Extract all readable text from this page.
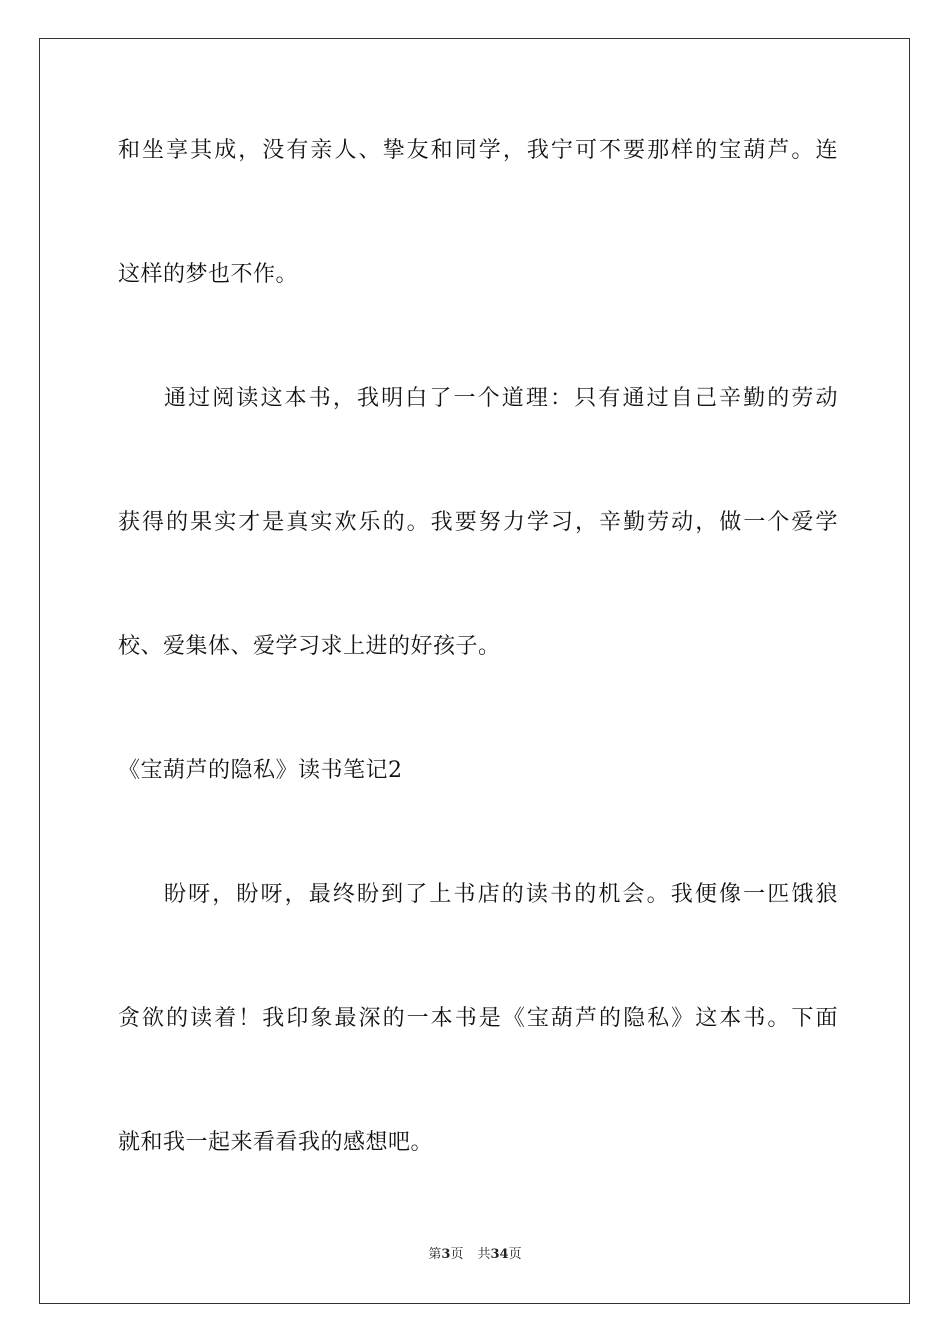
和坐享其成，没有亲人、挚友和同学，我宁可不要那样的宝葫芦。连
这样的梦也不作。
通过阅读这本书，我明白了一个道理：只有通过自己辛勤的劳动
获得的果实才是真实欢乐的。我要努力学习，辛勤劳动，做一个爱学
校、爱集体、爱学习求上进的好孩子。
《宝葫芦的隐私》读书笔记2
盼呀，盼呀，最终盼到了上书店的读书的机会。我便像一匹饿狼
贪欲的读着！我印象最深的一本书是《宝葫芦的隐私》这本书。下面
就和我一起来看看我的感想吧。
第3页 共34页
